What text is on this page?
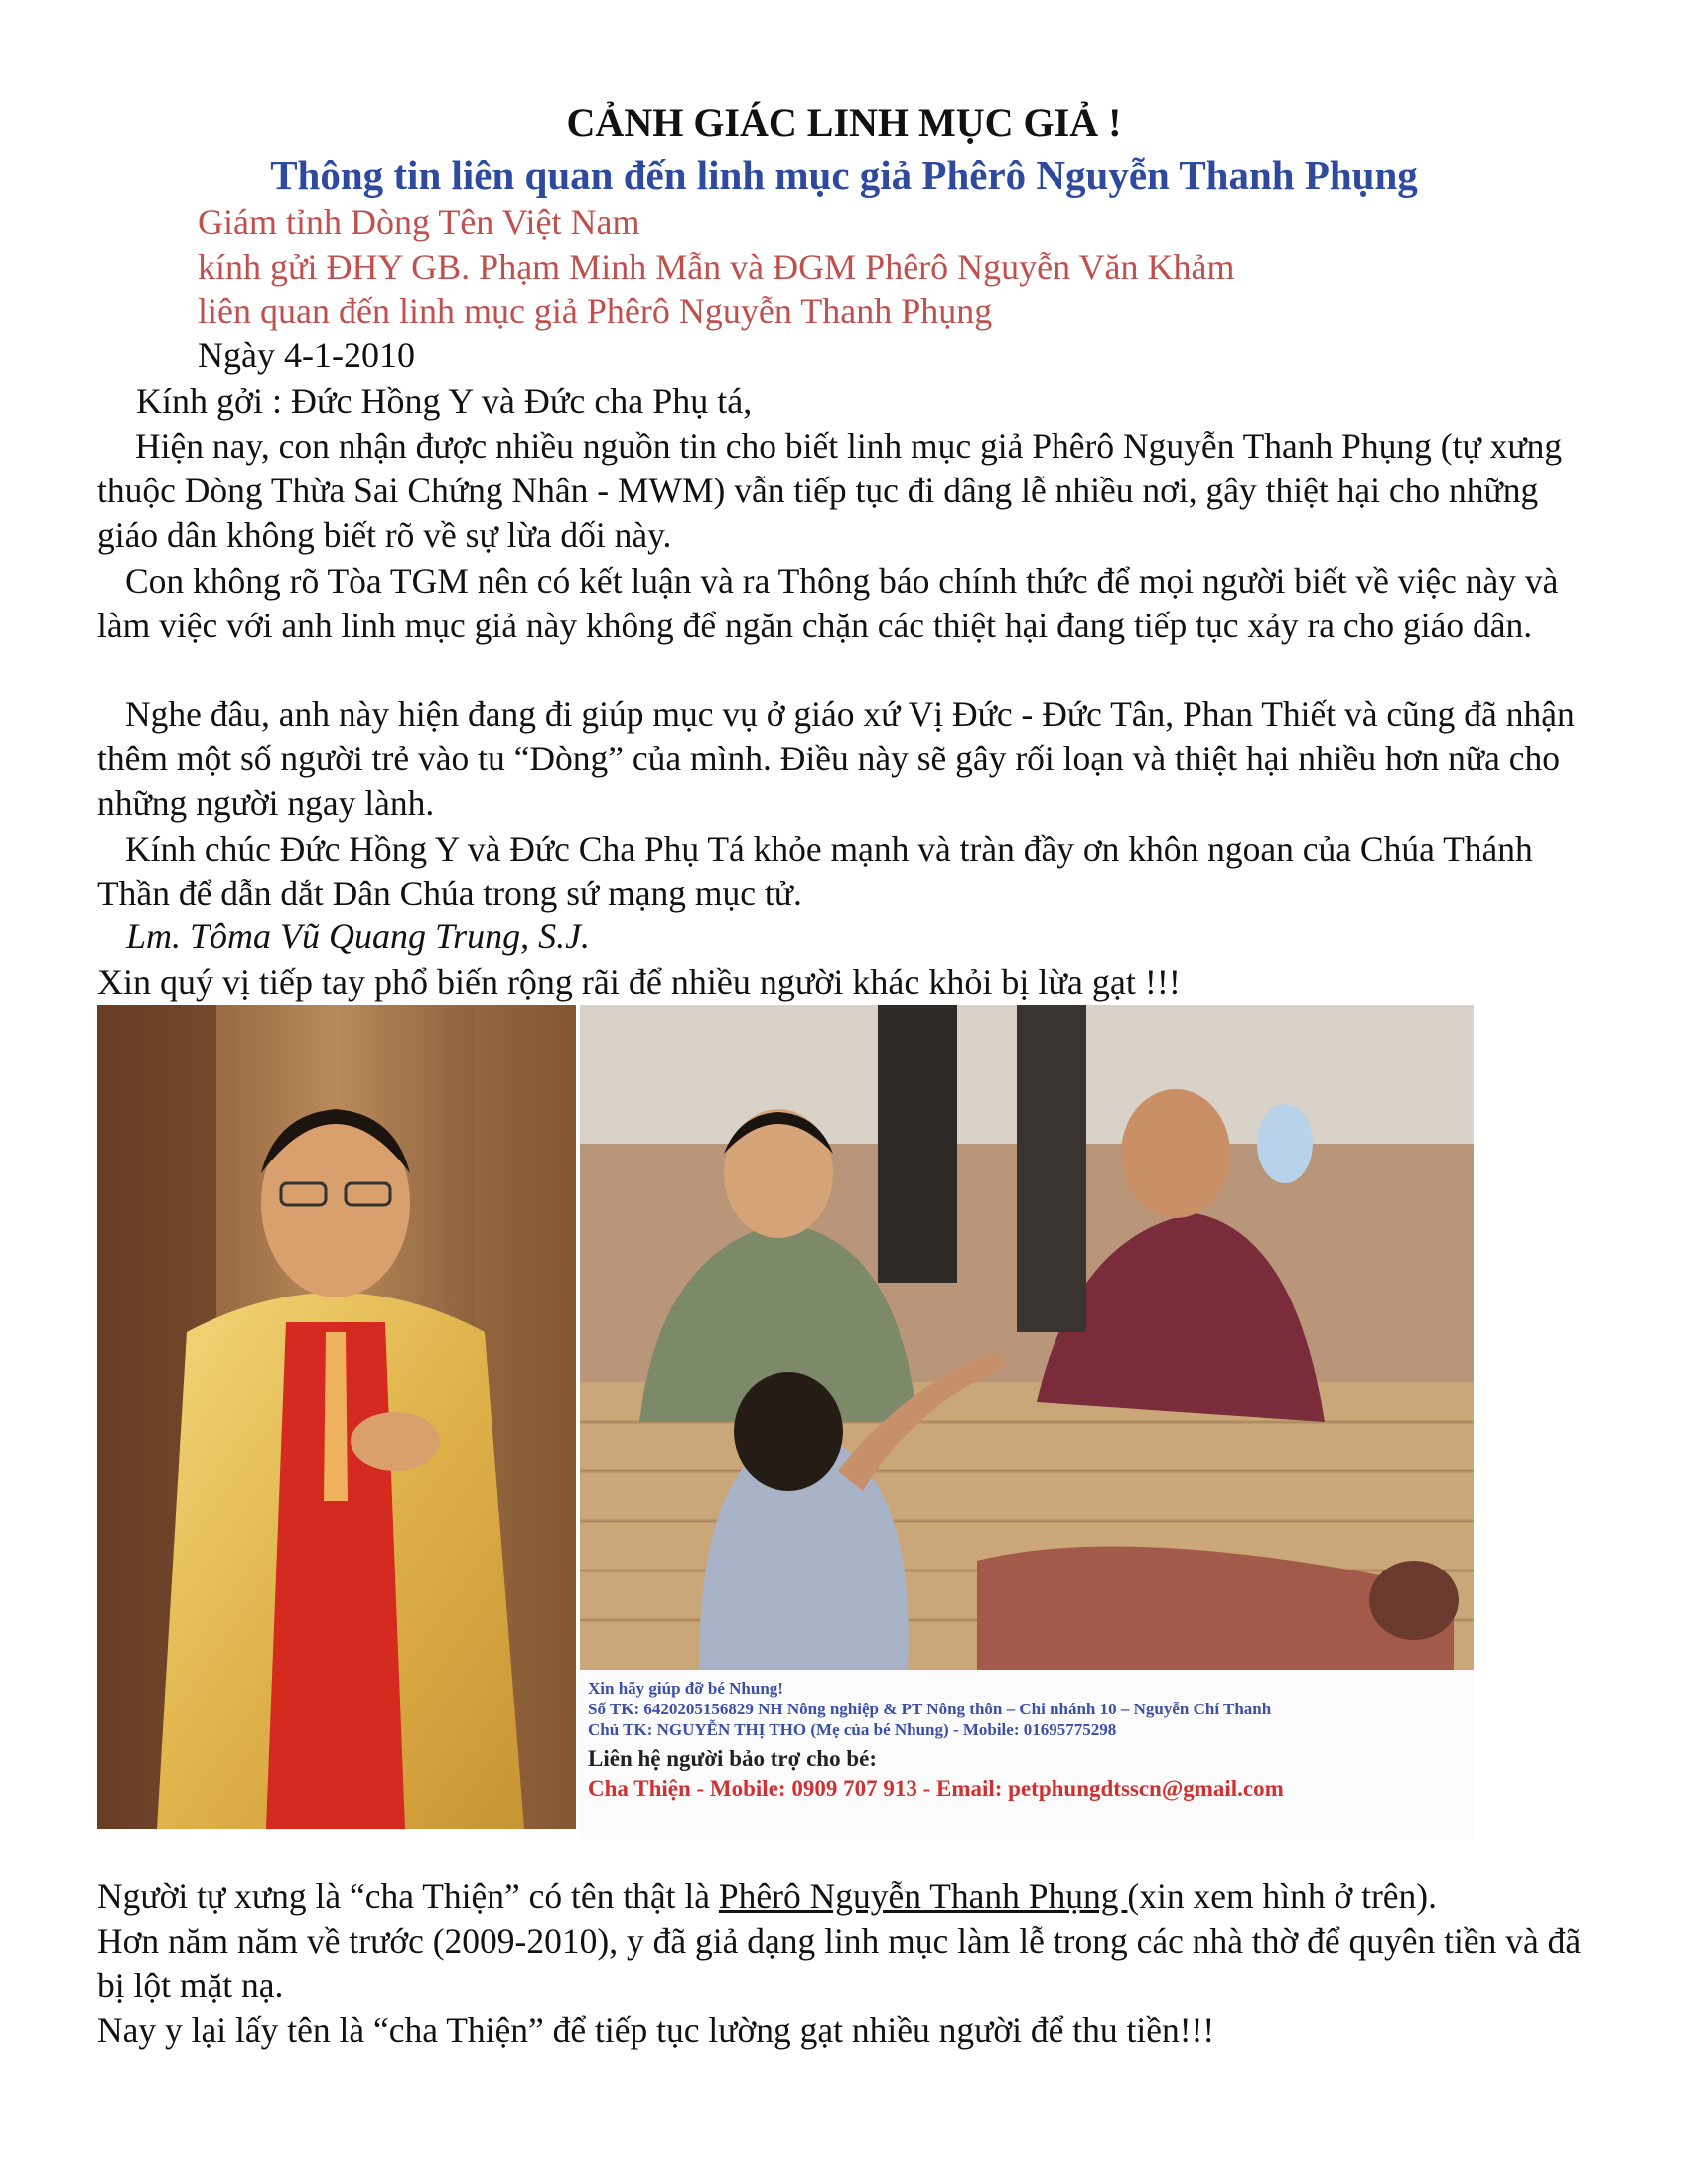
CẢNH GIÁC LINH MỤC GIẢ !
Thông tin liên quan đến linh mục giả Phêrô Nguyễn Thanh Phụng
Giám tỉnh Dòng Tên Việt Nam
kính gửi ĐHY GB. Phạm Minh Mẫn và ĐGM Phêrô Nguyễn Văn Khảm
liên quan đến linh mục giả Phêrô Nguyễn Thanh Phụng
Ngày 4-1-2010
Kính gởi : Đức Hồng Y và Đức cha Phụ tá,
Hiện nay, con nhận được nhiều nguồn tin cho biết linh mục giả Phêrô Nguyễn Thanh Phụng (tự xưng thuộc Dòng Thừa Sai Chứng Nhân - MWM) vẫn tiếp tục đi dâng lễ nhiều nơi, gây thiệt hại cho những giáo dân không biết rõ về sự lừa dối này.
Con không rõ Tòa TGM nên có kết luận và ra Thông báo chính thức để mọi người biết về việc này và làm việc với anh linh mục giả này không để ngăn chặn các thiệt hại đang tiếp tục xảy ra cho giáo dân.
Nghe đâu, anh này hiện đang đi giúp mục vụ ở giáo xứ Vị Đức - Đức Tân, Phan Thiết và cũng đã nhận thêm một số người trẻ vào tu “Dòng” của mình. Điều này sẽ gây rối loạn và thiệt hại nhiều hơn nữa cho những người ngay lành.
Kính chúc Đức Hồng Y và Đức Cha Phụ Tá khỏe mạnh và tràn đầy ơn khôn ngoan của Chúa Thánh Thần để dẫn dắt Dân Chúa trong sứ mạng mục tử.
Lm. Tôma Vũ Quang Trung, S.J.
Xin quý vị tiếp tay phổ biến rộng rãi để nhiều người khác khỏi bị lừa gạt !!!
Xin hãy giúp đỡ bé Nhung!
Số TK: 6420205156829 NH Nông nghiệp & PT Nông thôn – Chi nhánh 10 – Nguyễn Chí Thanh
Chủ TK: NGUYỄN THỊ THO (Mẹ của bé Nhung) - Mobile: 01695775298
Liên hệ người bảo trợ cho bé:
Cha Thiện - Mobile: 0909 707 913 - Email: petphungdtsscn@gmail.com
Người tự xưng là “cha Thiện” có tên thật là Phêrô Nguyễn Thanh Phụng (xin xem hình ở trên).
Hơn năm năm về trước (2009-2010), y đã giả dạng linh mục làm lễ trong các nhà thờ để quyên tiền và đã bị lột mặt nạ.
Nay y lại lấy tên là “cha Thiện” để tiếp tục lường gạt nhiều người để thu tiền!!!
